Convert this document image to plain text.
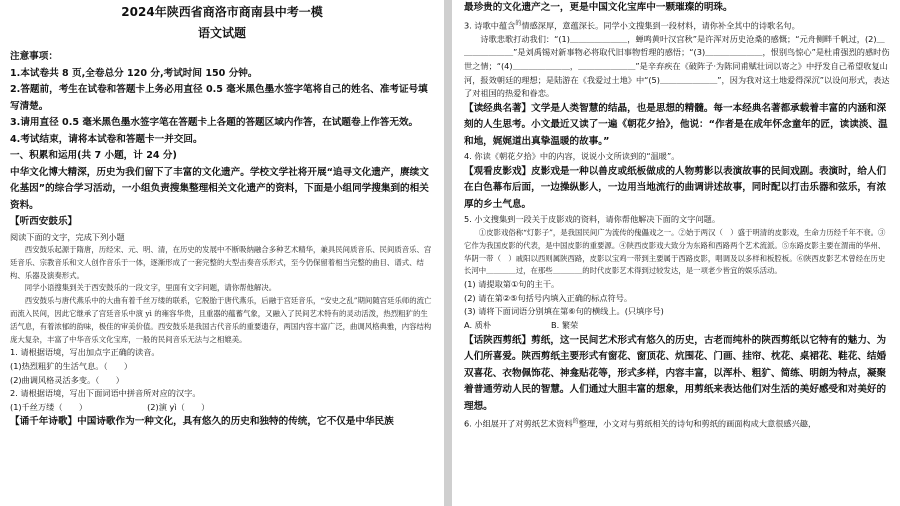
2024年陕西省商洛市商南县中考一模

语文试题

注意事项：

1.本试卷共 8 页,全卷总分 120 分,考试时间 150 分钟。

2.答题前，考生在试卷和答题卡上务必用直径 0.5 毫米黑色墨水签字笔将自己的姓名、准考证号填写清楚。

3.请用直径 0.5 毫米黑色墨水签字笔在答题卡上各题的答题区域内作答，在试题卷上作答无效。

4.考试结束，请将本试卷和答题卡一并交回。

一、积累和运用(共 7 小题，计 24 分)

中华文化博大精深，历史为我们留下了丰富的文化遗产。学校文学社将开展“追寻文化遗产，赓续文化基因”的综合学习活动，一小组负责搜集整理相关文化遗产的资料，下面是小组同学搜集到的相关资料。

【听西安鼓乐】

阅读下面的文字，完成下列小题

西安鼓乐起源于隋唐，历经宋、元、明、清，在历史的发展中不断吸纳融合多种艺术精华，兼具民间质音乐、民间质音乐、宫廷音乐、宗教音乐和文人创作音乐于一体，逐渐形成了一套完整的大型击奏音乐形式，至今仍保留着相当完整的曲目、谱式、结构、乐器及演奏形式。

同学小语搜集到关于西安鼓乐的一段文字，里面有文字问题，请你帮他解决。

西安鼓乐与唐代燕乐中的大曲有着千丝万缕的联系，它脱胎于唐代燕乐，后融于宫廷音乐，“安史之乱”期间随宫廷乐师的流亡而流入民间，因此它继承了宫廷音乐中演 yì 的雍容华贵，且重器的蕴蓄气象，又融入了民间艺术特有的灵动活泼，热烈粗犷的生活气息，有着浓郁的韵味，极佳的审美价值。西安鼓乐是我国古代音乐的重要遗存，两国内容丰富广泛，曲调风格典雅，内容结构庞大复杂，丰富了中华音乐文化宝库，一般的民间音乐无法与之相媲美。

1. 请根据语境，写出加点字正确的读音。

(1)热烈粗犷的生活气息。（　　）

(2)曲调风格灵活多变。（　　）

2. 请根据语境，写出下面词语中拼音所对应的汉字。

(1)千丝万缕（　　）	(2)演 yì（　　）

【诵千年诗歌】中国诗歌作为一种文化，具有悠久的历史和独特的传统，它不仅是中华民族

最珍贵的文化遗产之一，更是中国文化宝库中一颗璀璨的明珠。

3. 诗歌中蕴含$^的$情感深厚，意蕴深长。同学小文搜集到一段材料，请你补全其中的诗歌名句。

诗歌悲歌打动我们：“(1)＿＿＿＿＿＿＿，蝉鸣黄叶汉宫秋”是许浑对历史沧桑的感慨；“元舟侧畔千帆过，(2)＿＿＿＿＿＿＿”是刘禹锡对新事物必将取代旧事物哲理的感悟；“(3)＿＿＿＿＿＿＿，恨别鸟惊心”是杜甫强烈的感时伤世之情；“(4)＿＿＿＿＿＿＿，＿＿＿＿＿＿＿”是辛弃疾在《破阵子·为陈同甫赋壮词以寄之》中抒发自己希望收复山河，报效朝廷的理想；是陆游在《我爱过土地》中“(5)＿＿＿＿＿＿＿”，因为我对这土地爱得深沉”以设问形式，表达了对祖国的热爱和眷恋。

【读经典名著】文学是人类智慧的结晶，也是思想的精髓。每一本经典名著都承载着丰富的内涵和深刻的人生思考。小文最近又读了一遍《朝花夕拾》，他说：“作者是在成年怀念童年的匠，读读淡、温和地，娓娓道出真挚温暖的故事。”

4. 你读《朝花夕拾》中的内容，说说小文所读到的“温暖”。

【观看皮影戏】皮影戏是一种以兽皮或纸板做成的人物剪影以表演故事的民间戏剧。表演时，给人们在白色幕布后面，一边操纵影人，一边用当地流行的曲调讲述故事，同时配以打击乐器和弦乐，有浓厚的乡土气息。

5. 小文搜集到一段关于皮影戏的资料，请你帮他解决下面的文字问题。

①皮影戏俗称“灯影子”，是我国民间广为流传的傀儡戏之一。②始于两汉（　）盛于明清的皮影戏，生命力历经千年不衰。③它作为我国皮影的代表，是中国皮影的重要源。④陕西皮影戏大致分为东路和西路两个艺术流派。⑤东路皮影主要在渭南的华州、华阴一带（　）戚阳以西则属陕西路，皮影以宝鸡一带到主要属于西路皮影，唱调及以多样和板腔板。⑥陕西皮影艺术曾经在历史长河中＿＿＿＿过，在那些＿＿＿＿的时代皮影艺术得到过较发达，是一项老少皆宜的娱乐活动。

(1) 请提取第①句的主干。

(2) 请在第②⑤句括号内填入正确的标点符号。

(3) 请将下面词语分别填在第⑥句的横线上。(只填序号)

A. 质朴	B. 繁荣

【话陕西剪纸】剪纸，这一民间艺术形式有悠久的历史，古老而纯朴的陕西剪纸以它特有的魅力、为人们所喜爱。陕西剪纸主要形式有窗花、窗顶花、炕围花、门画、挂帘、枕花、桌裙花、鞋花、结婚双喜花、衣物佩饰花、神龛贴花等，形式多样，内容丰富，以浑朴、粗犷、简练、明朗为特点，凝聚着普通劳动人民的智慧。人们通过大胆丰富的想象，用剪纸来表达他们对生活的美好感受和对美好的理想。

6. 小组展开了对剪纸艺术资料$^的$整理，小文对与剪纸相关的诗句和剪纸的画面构成大意很感兴趣，
